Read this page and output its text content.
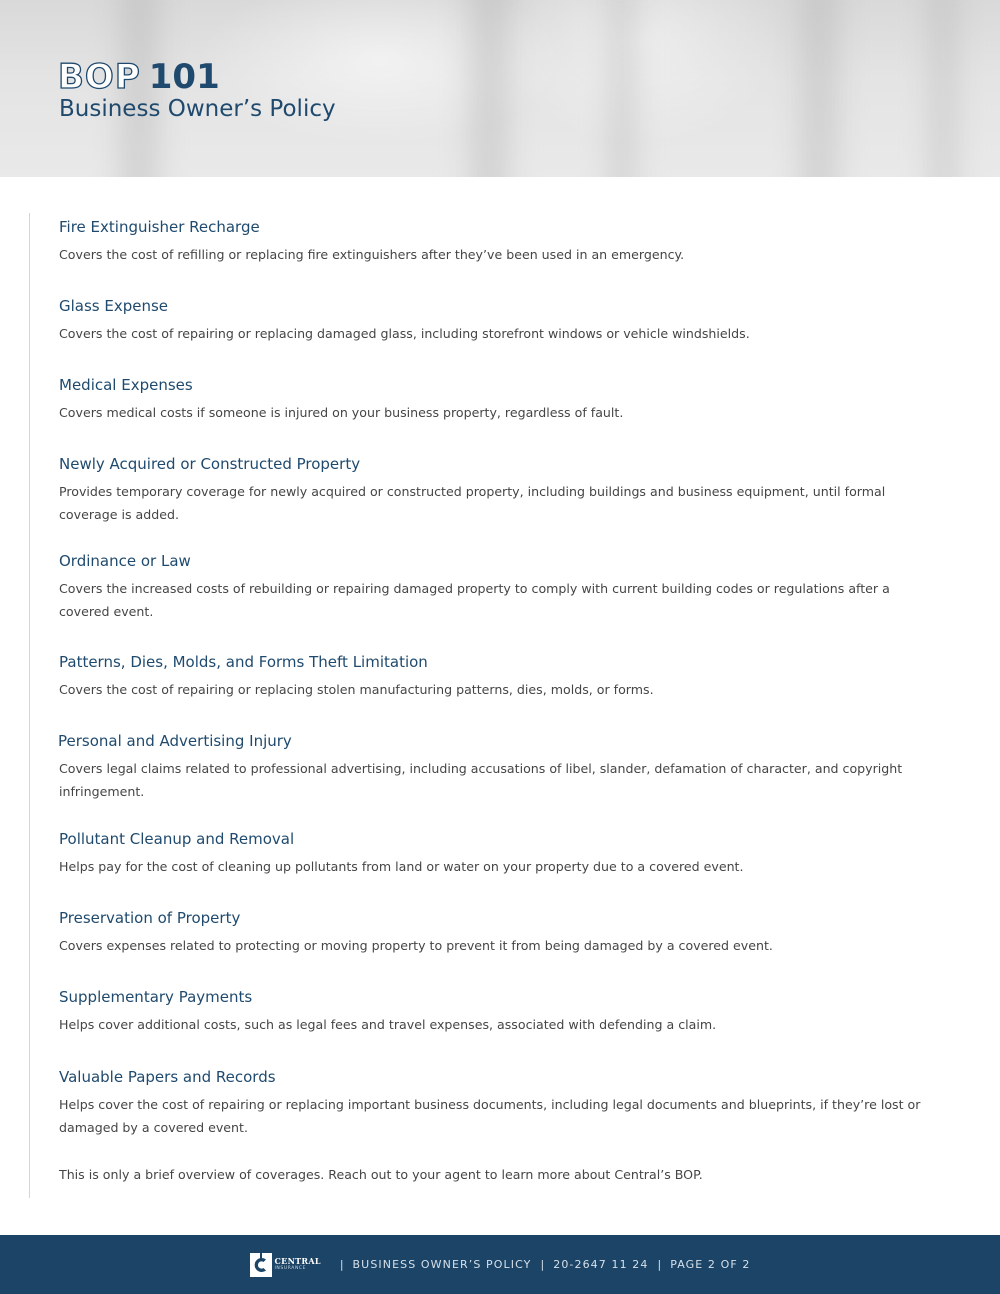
BOP 101
Business Owner’s Policy
Fire Extinguisher Recharge

Covers the cost of refilling or replacing fire extinguishers after they’ve been used in an emergency.

Glass Expense

Covers the cost of repairing or replacing damaged glass, including storefront windows or vehicle windshields.

Medical Expenses

Covers medical costs if someone is injured on your business property, regardless of fault.

Newly Acquired or Constructed Property

Provides temporary coverage for newly acquired or constructed property, including buildings and business equipment, until formal coverage is added.

Ordinance or Law

Covers the increased costs of rebuilding or repairing damaged property to comply with current building codes or regulations after a covered event.

Patterns, Dies, Molds, and Forms Theft Limitation

Covers the cost of repairing or replacing stolen manufacturing patterns, dies, molds, or forms.

Personal and Advertising Injury

Covers legal claims related to professional advertising, including accusations of libel, slander, defamation of character, and copyright infringement.

Pollutant Cleanup and Removal

Helps pay for the cost of cleaning up pollutants from land or water on your property due to a covered event.

Preservation of Property

Covers expenses related to protecting or moving property to prevent it from being damaged by a covered event.

Supplementary Payments

Helps cover additional costs, such as legal fees and travel expenses, associated with defending a claim.

Valuable Papers and Records

Helps cover the cost of repairing or replacing important business documents, including legal documents and blueprints, if they’re lost or damaged by a covered event.

This is only a brief overview of coverages. Reach out to your agent to learn more about Central’s BOP.
CENTRAL
INSURANCE	| BUSINESS OWNER’S POLICY | 20-2647 11 24 | PAGE 2 OF 2
